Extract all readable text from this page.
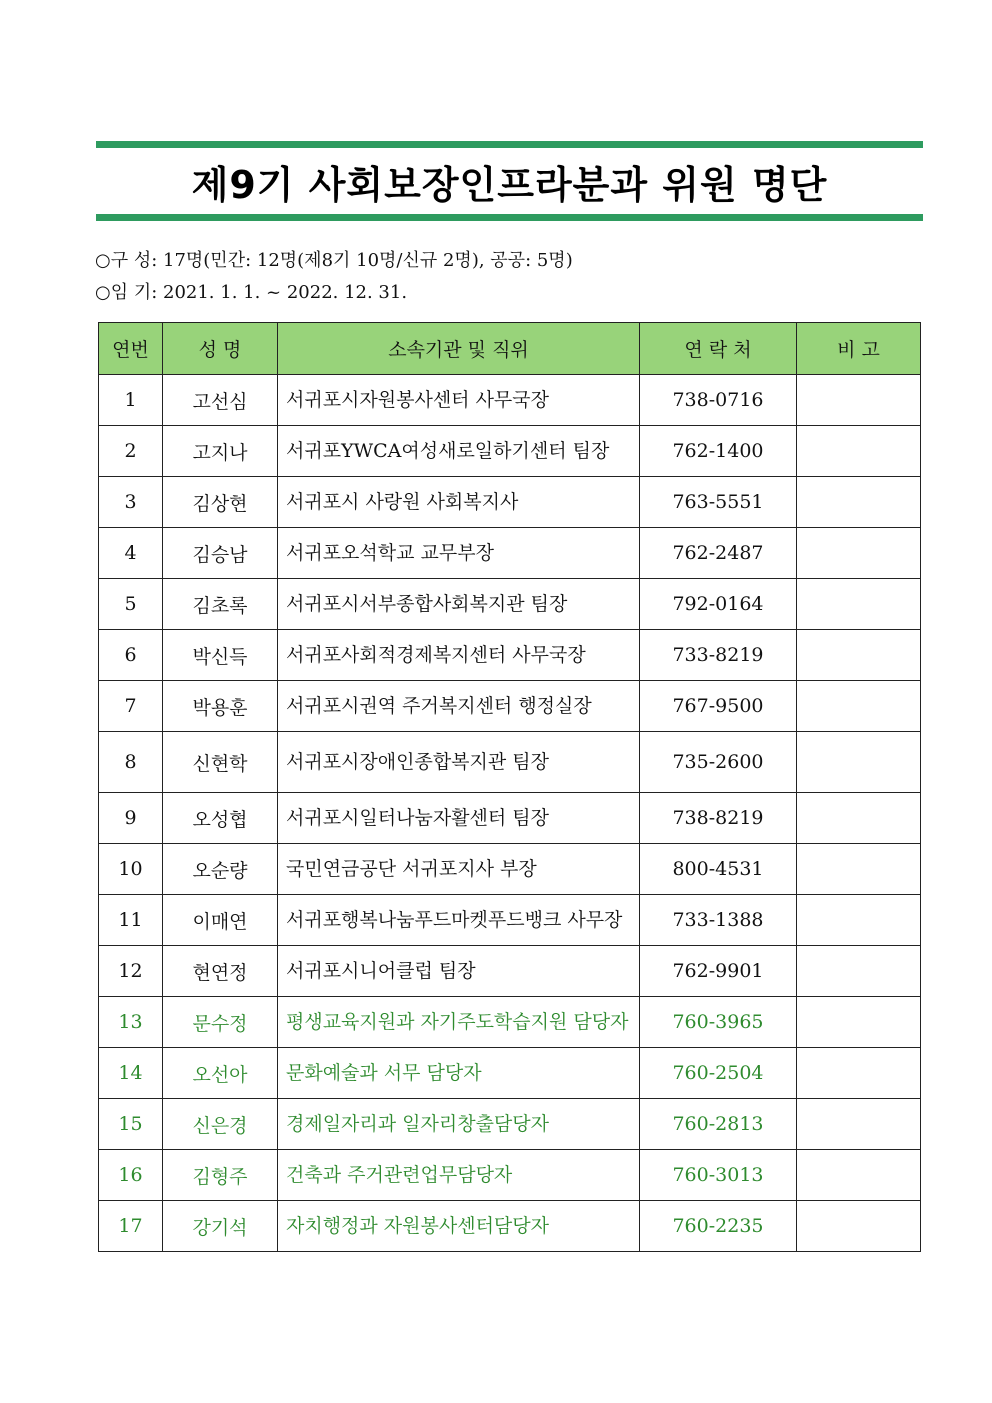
제9기 사회보장인프라분과 위원 명단
○구 성: 17명(민간: 12명(제8기 10명/신규 2명), 공공: 5명)
○임 기: 2021. 1. 1. ~ 2022. 12. 31.
연번	성 명	소속기관 및 직위	연 락 처	비 고
1	고선심	서귀포시자원봉사센터 사무국장	738-0716	
2	고지나	서귀포YWCA여성새로일하기센터 팀장	762-1400	
3	김상현	서귀포시 사랑원 사회복지사	763-5551	
4	김승남	서귀포오석학교 교무부장	762-2487	
5	김초록	서귀포시서부종합사회복지관 팀장	792-0164	
6	박신득	서귀포사회적경제복지센터 사무국장	733-8219	
7	박용훈	서귀포시권역 주거복지센터 행정실장	767-9500	
8	신현학	서귀포시장애인종합복지관 팀장	735-2600	
9	오성협	서귀포시일터나눔자활센터 팀장	738-8219	
10	오순량	국민연금공단 서귀포지사 부장	800-4531	
11	이매연	서귀포행복나눔푸드마켓푸드뱅크 사무장	733-1388	
12	현연정	서귀포시니어클럽 팀장	762-9901	
13	문수정	평생교육지원과 자기주도학습지원 담당자	760-3965	
14	오선아	문화예술과 서무 담당자	760-2504	
15	신은경	경제일자리과 일자리창출담당자	760-2813	
16	김형주	건축과 주거관련업무담당자	760-3013	
17	강기석	자치행정과 자원봉사센터담당자	760-2235	
